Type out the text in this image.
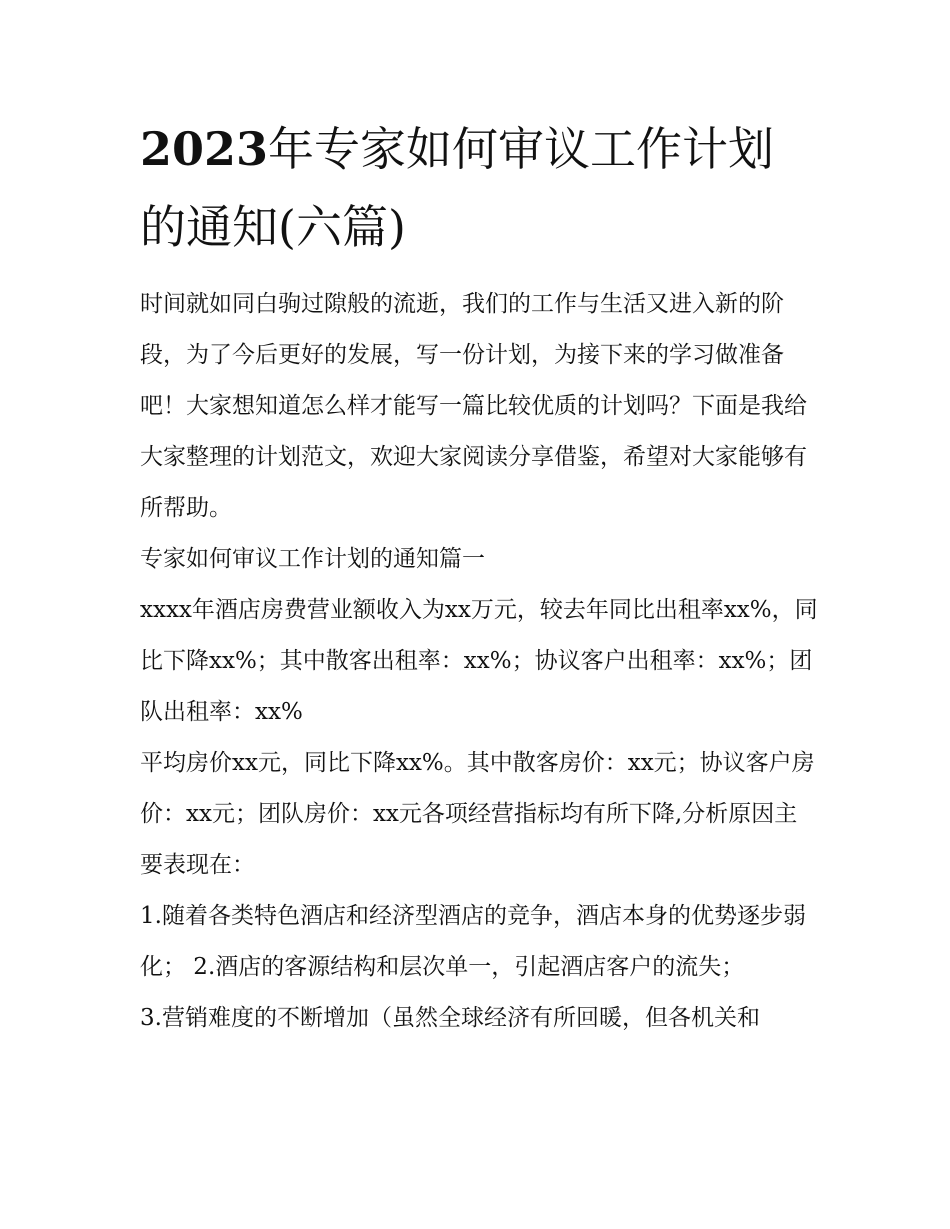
2023年专家如何审议工作计划的通知(六篇)

时间就如同白驹过隙般的流逝，我们的工作与生活又进入新的阶段，为了今后更好的发展，写一份计划，为接下来的学习做准备吧！大家想知道怎么样才能写一篇比较优质的计划吗？下面是我给大家整理的计划范文，欢迎大家阅读分享借鉴，希望对大家能够有所帮助。

专家如何审议工作计划的通知篇一

xxxx年酒店房费营业额收入为xx万元，较去年同比出租率xx%，同比下降xx%；其中散客出租率：xx%；协议客户出租率：xx%；团队出租率：xx%

平均房价xx元，同比下降xx%。其中散客房价：xx元；协议客户房价：xx元；团队房价：xx元各项经营指标均有所下降,分析原因主要表现在：

1.随着各类特色酒店和经济型酒店的竞争，酒店本身的优势逐步弱化； 2.酒店的客源结构和层次单一，引起酒店客户的流失；

3.营销难度的不断增加（虽然全球经济有所回暖，但各机关和
